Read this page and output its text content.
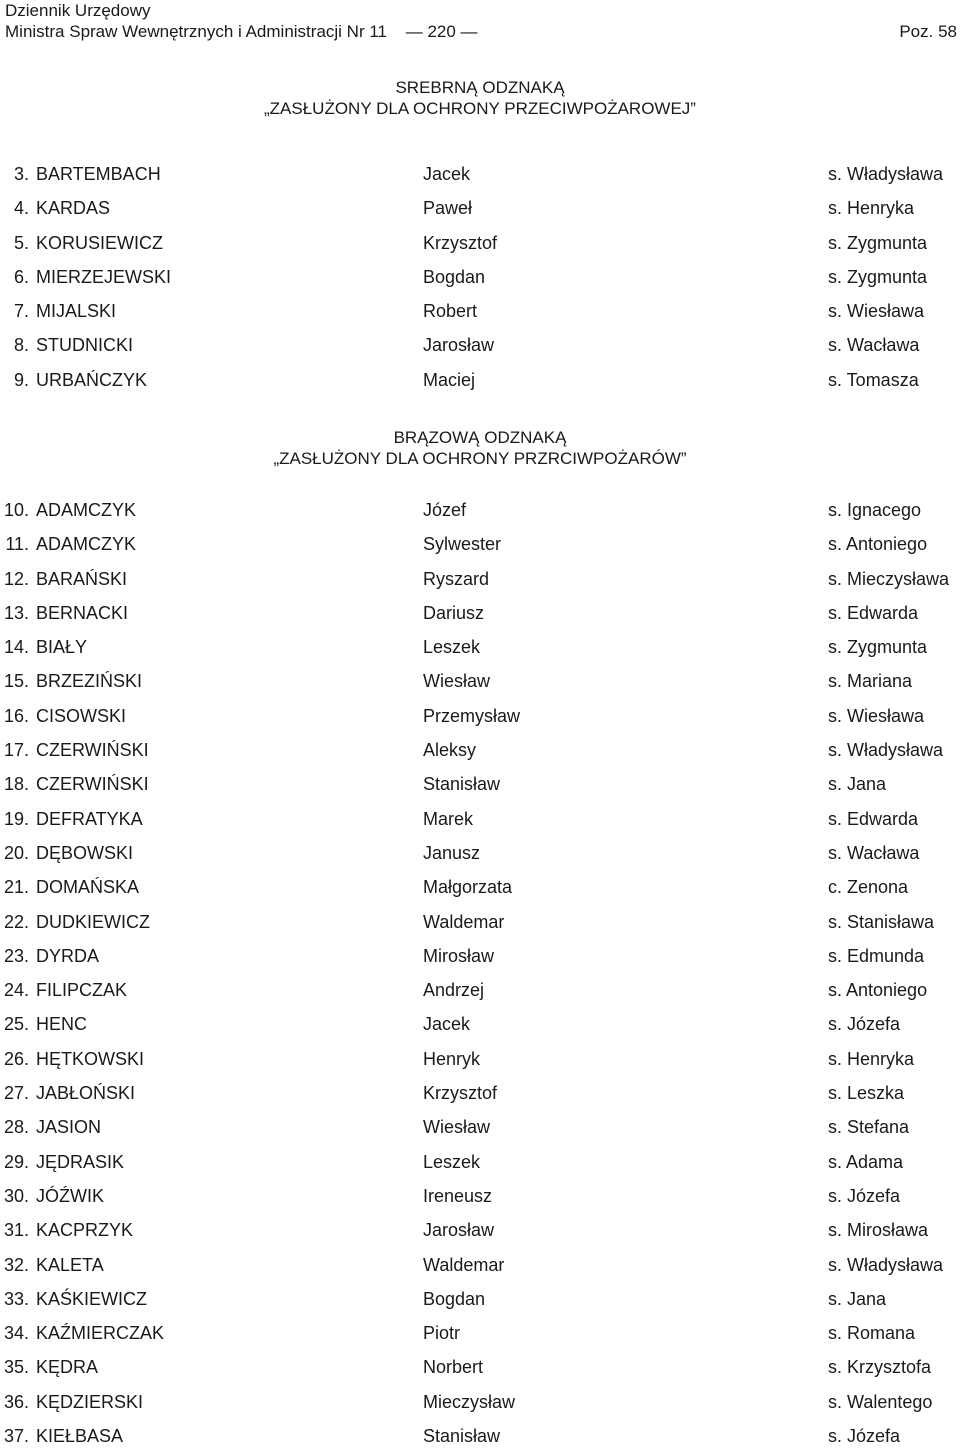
Dziennik Urzędowy
Ministra Spraw Wewnętrznych i Administracji Nr 11 — 220 —	Poz. 58
SREBRNĄ ODZNAKĄ
„ZASŁUŻONY DLA OCHRONY PRZECIWPOŻAROWEJ”
3. BARTEMBACH	Jacek	s. Władysława
4. KARDAS	Paweł	s. Henryka
5. KORUSIEWICZ	Krzysztof	s. Zygmunta
6. MIERZEJEWSKI	Bogdan	s. Zygmunta
7. MIJALSKI	Robert	s. Wiesława
8. STUDNICKI	Jarosław	s. Wacława
9. URBAŃCZYK	Maciej	s. Tomasza
BRĄZOWĄ ODZNAKĄ
„ZASŁUŻONY DLA OCHRONY PRZRCIWPOŻARÓW”
10. ADAMCZYK	Józef	s. Ignacego
11. ADAMCZYK	Sylwester	s. Antoniego
12. BARAŃSKI	Ryszard	s. Mieczysława
13. BERNACKI	Dariusz	s. Edwarda
14. BIAŁY	Leszek	s. Zygmunta
15. BRZEZIŃSKI	Wiesław	s. Mariana
16. CISOWSKI	Przemysław	s. Wiesława
17. CZERWIŃSKI	Aleksy	s. Władysława
18. CZERWIŃSKI	Stanisław	s. Jana
19. DEFRATYKA	Marek	s. Edwarda
20. DĘBOWSKI	Janusz	s. Wacława
21. DOMAŃSKA	Małgorzata	c. Zenona
22. DUDKIEWICZ	Waldemar	s. Stanisława
23. DYRDA	Mirosław	s. Edmunda
24. FILIPCZAK	Andrzej	s. Antoniego
25. HENC	Jacek	s. Józefa
26. HĘTKOWSKI	Henryk	s. Henryka
27. JABŁOŃSKI	Krzysztof	s. Leszka
28. JASION	Wiesław	s. Stefana
29. JĘDRASIK	Leszek	s. Adama
30. JÓŹWIK	Ireneusz	s. Józefa
31. KACPRZYK	Jarosław	s. Mirosława
32. KALETA	Waldemar	s. Władysława
33. KAŚKIEWICZ	Bogdan	s. Jana
34. KAŹMIERCZAK	Piotr	s. Romana
35. KĘDRA	Norbert	s. Krzysztofa
36. KĘDZIERSKI	Mieczysław	s. Walentego
37. KIEŁBASA	Stanisław	s. Józefa
